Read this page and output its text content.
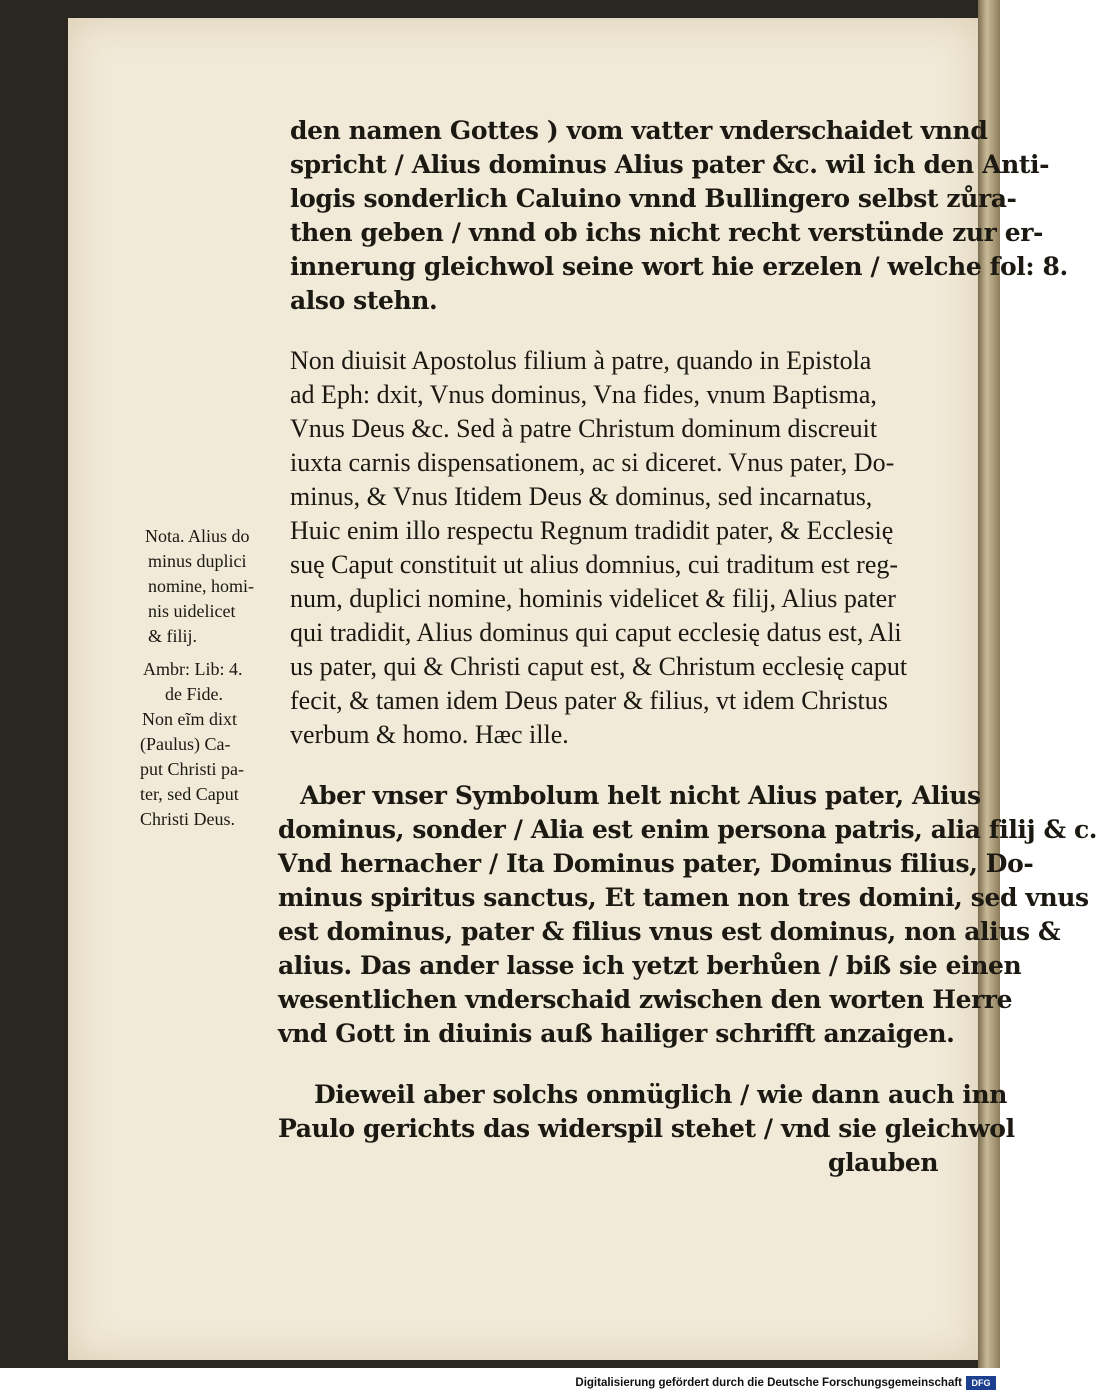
den namen Gottes ) vom vatter vnderschaidet vnnd
spricht / Alius dominus Alius pater &c. wil ich den Anti-
logis sonderlich Caluino vnnd Bullingero selbst zůra-
then geben / vnnd ob ichs nicht recht verstünde zur er-
innerung gleichwol seine wort hie erzelen / welche fol: 8.
also stehn.
Non diuisit Apostolus filium à patre, quando in Epistola
ad Eph: dxit, Vnus dominus, Vna fides, vnum Baptisma,
Vnus Deus &c. Sed à patre Christum dominum discreuit
iuxta carnis dispensationem, ac si diceret. Vnus pater, Do-
minus, & Vnus Itidem Deus & dominus, sed incarnatus,
Huic enim illo respectu Regnum tradidit pater, & Ecclesię
suę Caput constituit ut alius domnius, cui traditum est reg-
num, duplici nomine, hominis videlicet & filij, Alius pater
qui tradidit, Alius dominus qui caput ecclesię datus est, Ali
us pater, qui & Christi caput est, & Christum ecclesię caput
fecit, & tamen idem Deus pater & filius, vt idem Christus
verbum & homo. Hæc ille.
Aber vnser Symbolum helt nicht Alius pater, Alius
dominus, sonder / Alia est enim persona patris, alia filij & c.
Vnd hernacher / Ita Dominus pater, Dominus filius, Do-
minus spiritus sanctus, Et tamen non tres domini, sed vnus
est dominus, pater & filius vnus est dominus, non alius &
alius. Das ander lasse ich yetzt berhůen / biß sie einen
wesentlichen vnderschaid zwischen den worten Herre
vnd Gott in diuinis auß hailiger schrifft anzaigen.
Dieweil aber solchs onmüglich / wie dann auch inn
Paulo gerichts das widerspil stehet / vnd sie gleichwol
glauben
Nota. Alius do
minus duplici
nomine, homi-
nis uidelicet
& filij.
Ambr: Lib: 4.
de Fide.
Non eĩm dixt
(Paulus) Ca-
put Christi pa-
ter, sed Caput
Christi Deus.
Digitalisierung gefördert durch die Deutsche Forschungsgemeinschaft	DFG
